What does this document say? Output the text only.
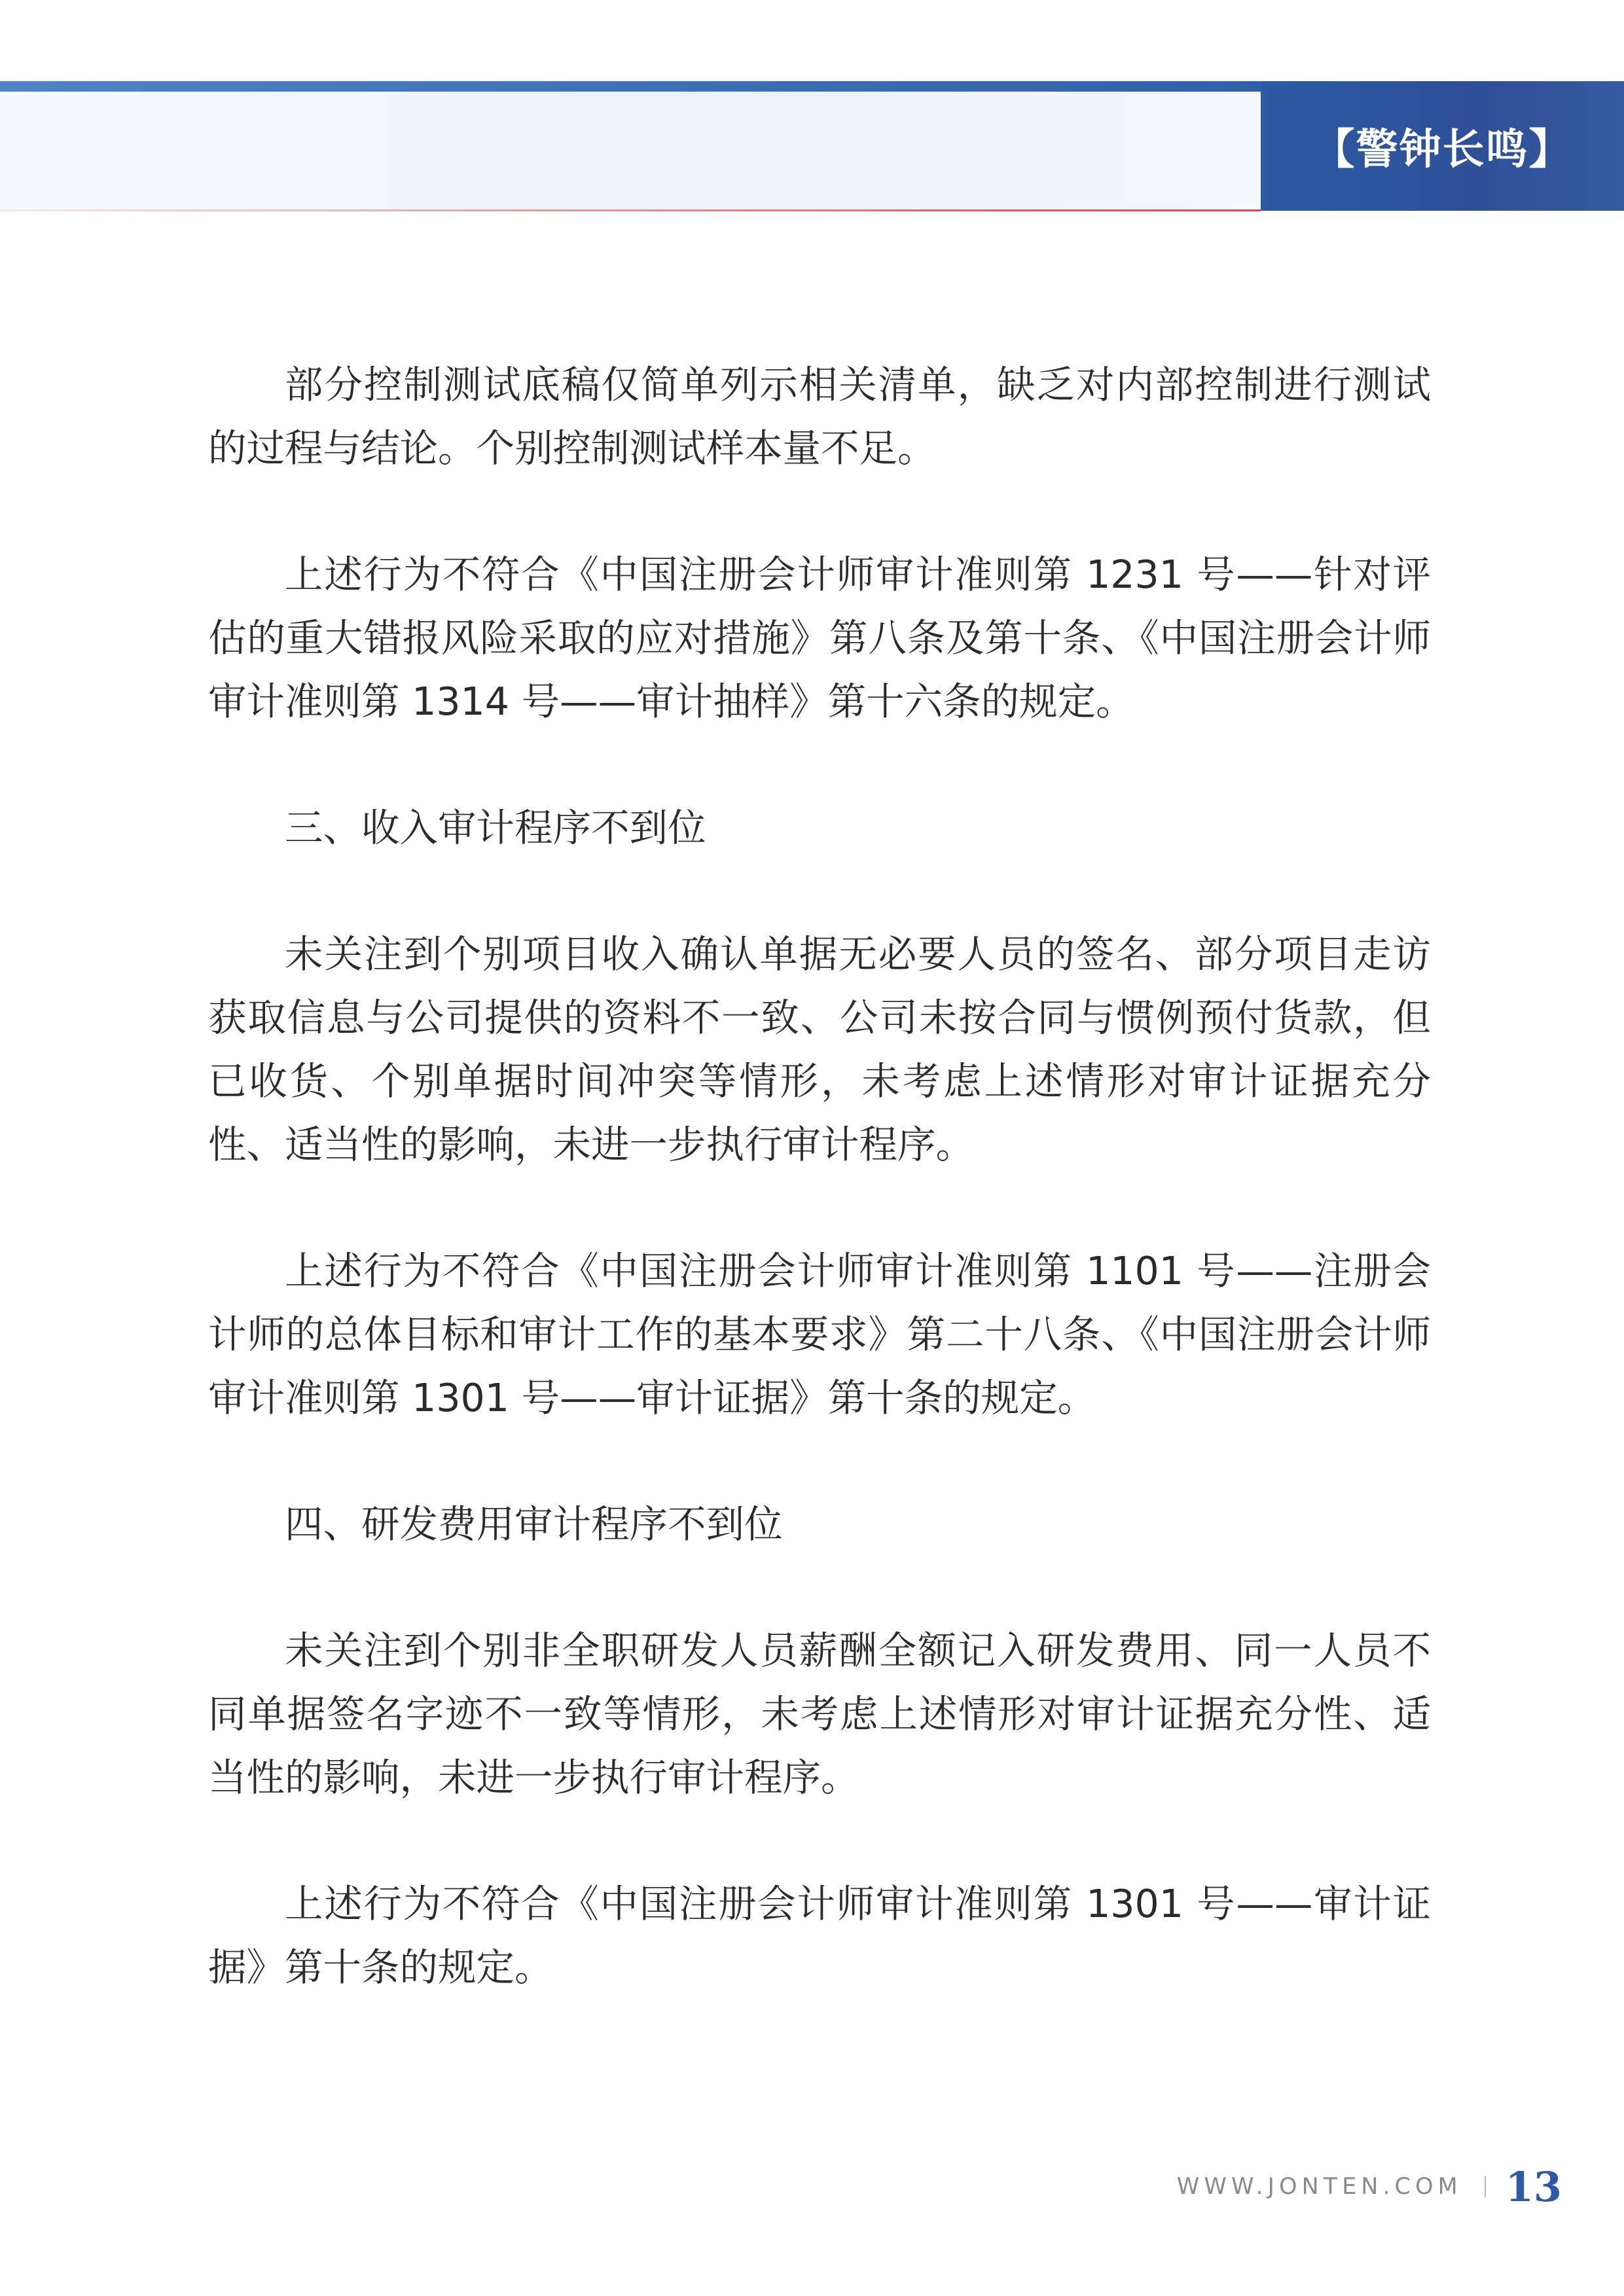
【警钟长鸣】

部分控制测试底稿仅简单列示相关清单，缺乏对内部控制进行测试的过程与结论。个别控制测试样本量不足。

上述行为不符合《中国注册会计师审计准则第 1231 号——针对评估的重大错报风险采取的应对措施》第八条及第十条、《中国注册会计师审计准则第 1314 号——审计抽样》第十六条的规定。

三、收入审计程序不到位

未关注到个别项目收入确认单据无必要人员的签名、部分项目走访获取信息与公司提供的资料不一致、公司未按合同与惯例预付货款，但已收货、个别单据时间冲突等情形，未考虑上述情形对审计证据充分性、适当性的影响，未进一步执行审计程序。

上述行为不符合《中国注册会计师审计准则第 1101 号——注册会计师的总体目标和审计工作的基本要求》第二十八条、《中国注册会计师审计准则第 1301 号——审计证据》第十条的规定。

四、研发费用审计程序不到位

未关注到个别非全职研发人员薪酬全额记入研发费用、同一人员不同单据签名字迹不一致等情形，未考虑上述情形对审计证据充分性、适当性的影响，未进一步执行审计程序。

上述行为不符合《中国注册会计师审计准则第 1301 号——审计证据》第十条的规定。

WWW.JONTEN.COM 13
